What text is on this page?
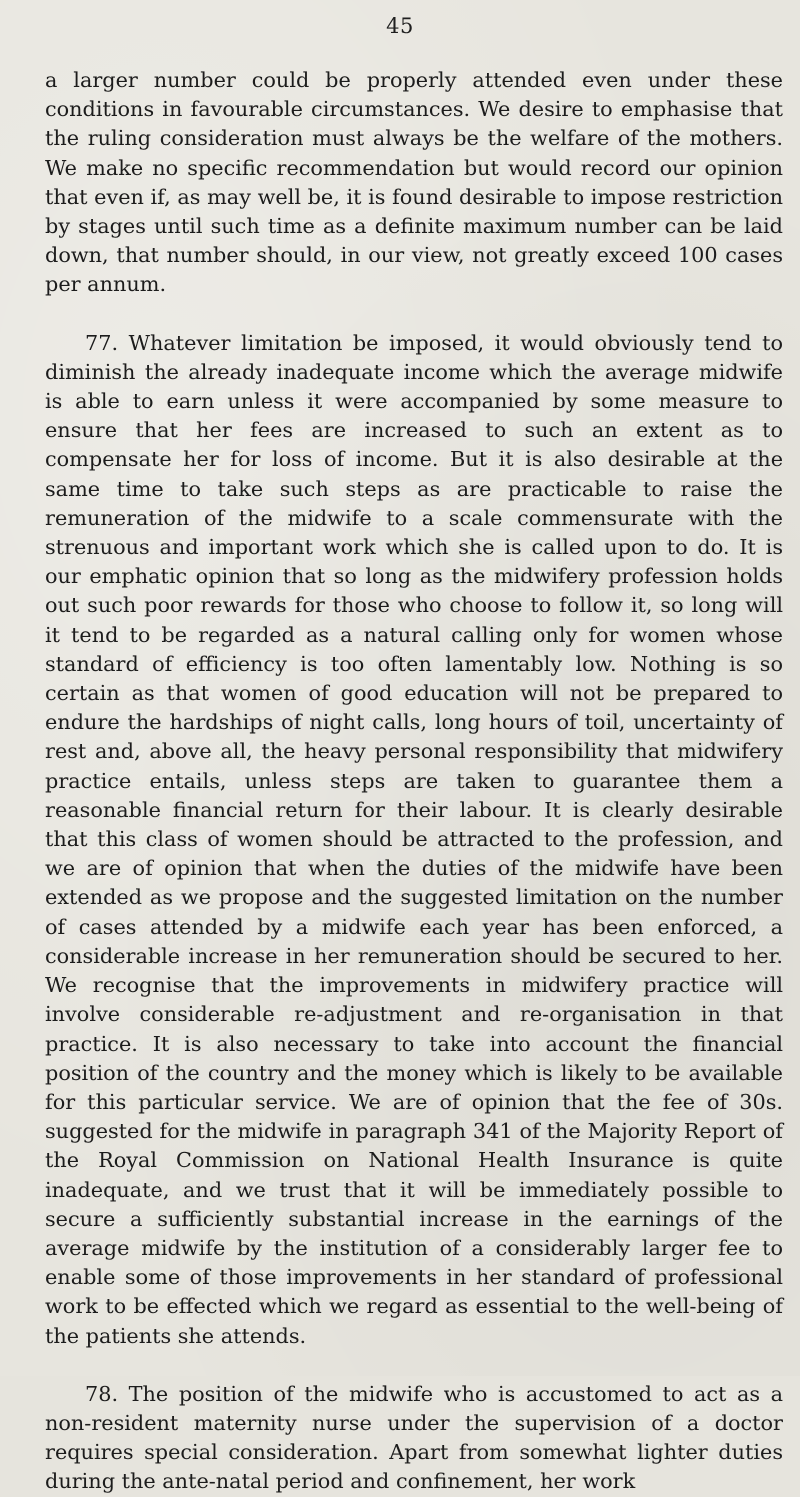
45

a larger number could be properly attended even under these conditions in favourable circumstances. We desire to emphasise that the ruling consideration must always be the welfare of the mothers. We make no specific recommendation but would record our opinion that even if, as may well be, it is found desirable to impose restriction by stages until such time as a definite maximum number can be laid down, that number should, in our view, not greatly exceed 100 cases per annum.

77. Whatever limitation be imposed, it would obviously tend to diminish the already inadequate income which the average midwife is able to earn unless it were accompanied by some measure to ensure that her fees are increased to such an extent as to compensate her for loss of income. But it is also desirable at the same time to take such steps as are practicable to raise the remuneration of the midwife to a scale commensurate with the strenuous and important work which she is called upon to do. It is our emphatic opinion that so long as the midwifery profession holds out such poor rewards for those who choose to follow it, so long will it tend to be regarded as a natural calling only for women whose standard of efficiency is too often lamentably low. Nothing is so certain as that women of good education will not be prepared to endure the hardships of night calls, long hours of toil, uncertainty of rest and, above all, the heavy personal responsibility that midwifery practice entails, unless steps are taken to guarantee them a reasonable financial return for their labour. It is clearly desirable that this class of women should be attracted to the profession, and we are of opinion that when the duties of the midwife have been extended as we propose and the suggested limitation on the number of cases attended by a midwife each year has been enforced, a considerable increase in her remuneration should be secured to her. We recognise that the improvements in midwifery practice will involve considerable re-adjustment and re-organisation in that practice. It is also necessary to take into account the financial position of the country and the money which is likely to be available for this particular service. We are of opinion that the fee of 30s. suggested for the midwife in paragraph 341 of the Majority Report of the Royal Commission on National Health Insurance is quite inadequate, and we trust that it will be immediately possible to secure a sufficiently substantial increase in the earnings of the average midwife by the institution of a considerably larger fee to enable some of those improvements in her standard of professional work to be effected which we regard as essential to the well-being of the patients she attends.

78. The position of the midwife who is accustomed to act as a non-resident maternity nurse under the supervision of a doctor requires special consideration. Apart from somewhat lighter duties during the ante-natal period and confinement, her work
